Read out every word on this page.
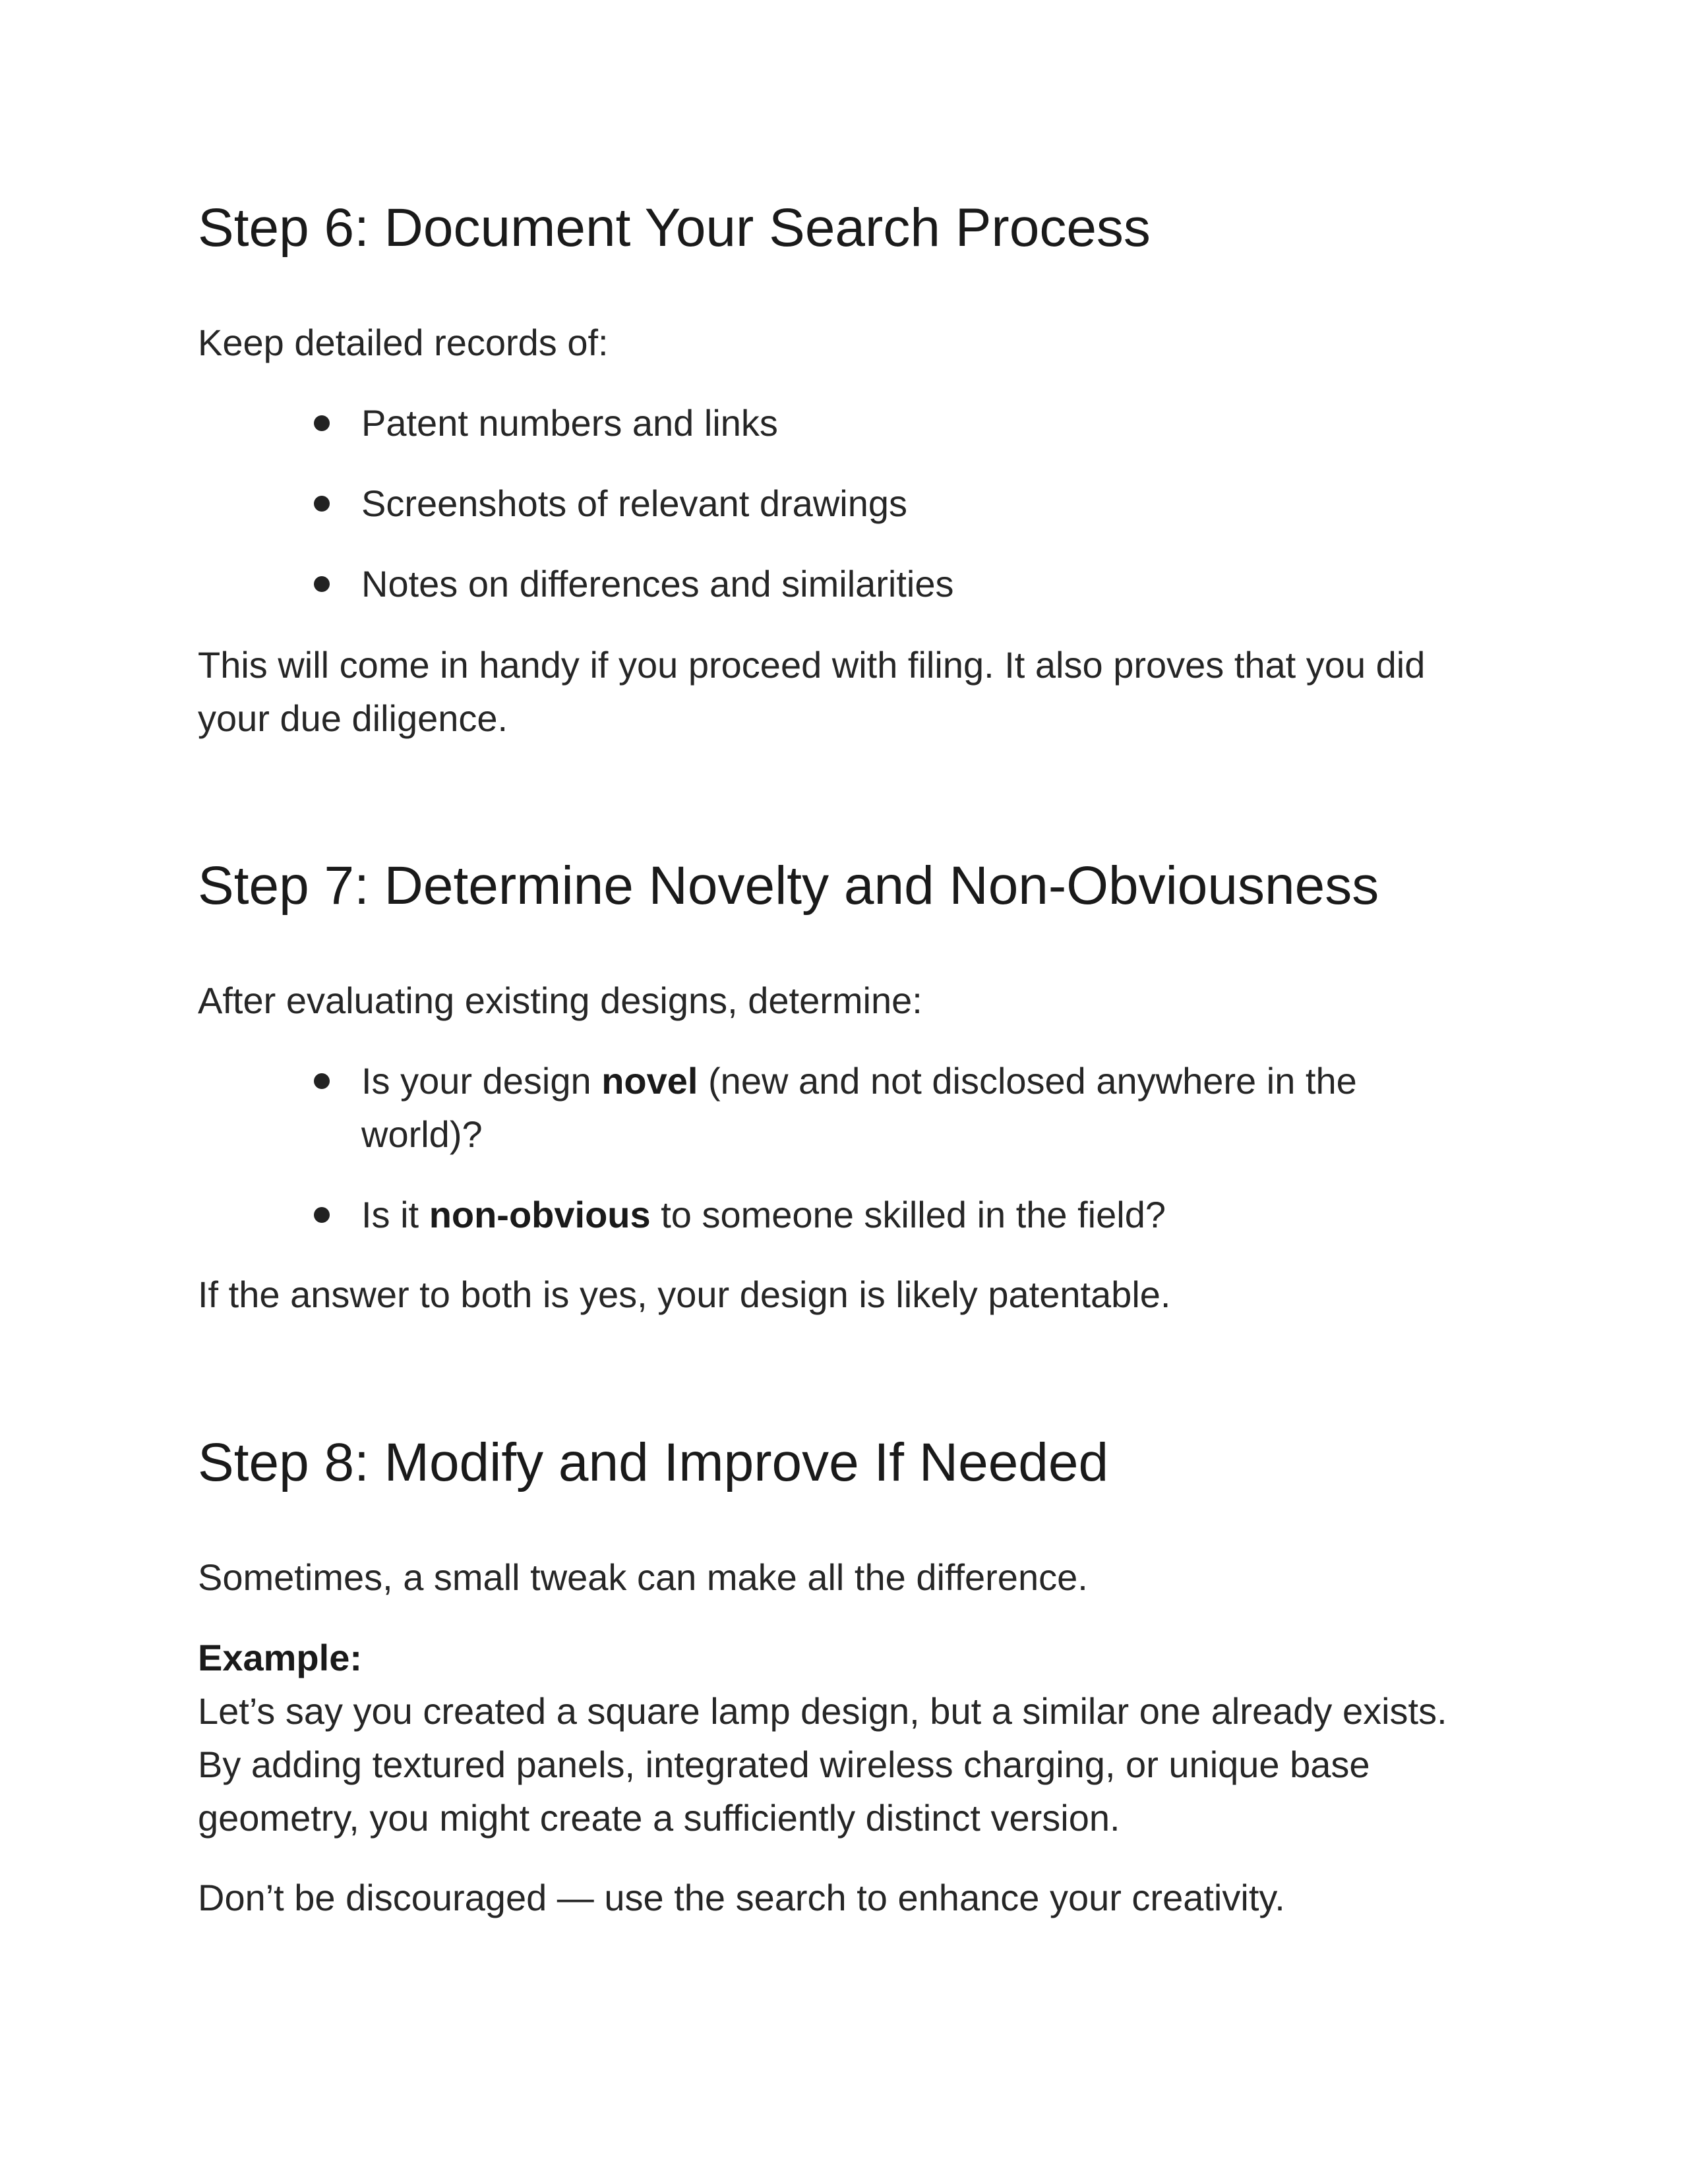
Step 6: Document Your Search Process

Keep detailed records of:

Patent numbers and links
Screenshots of relevant drawings
Notes on differences and similarities

This will come in handy if you proceed with filing. It also proves that you did your due diligence.

Step 7: Determine Novelty and Non-Obviousness

After evaluating existing designs, determine:

Is your design novel (new and not disclosed anywhere in the world)?
Is it non-obvious to someone skilled in the field?

If the answer to both is yes, your design is likely patentable.

Step 8: Modify and Improve If Needed

Sometimes, a small tweak can make all the difference.

Example:
Let’s say you created a square lamp design, but a similar one already exists. By adding textured panels, integrated wireless charging, or unique base geometry, you might create a sufficiently distinct version.

Don’t be discouraged — use the search to enhance your creativity.
